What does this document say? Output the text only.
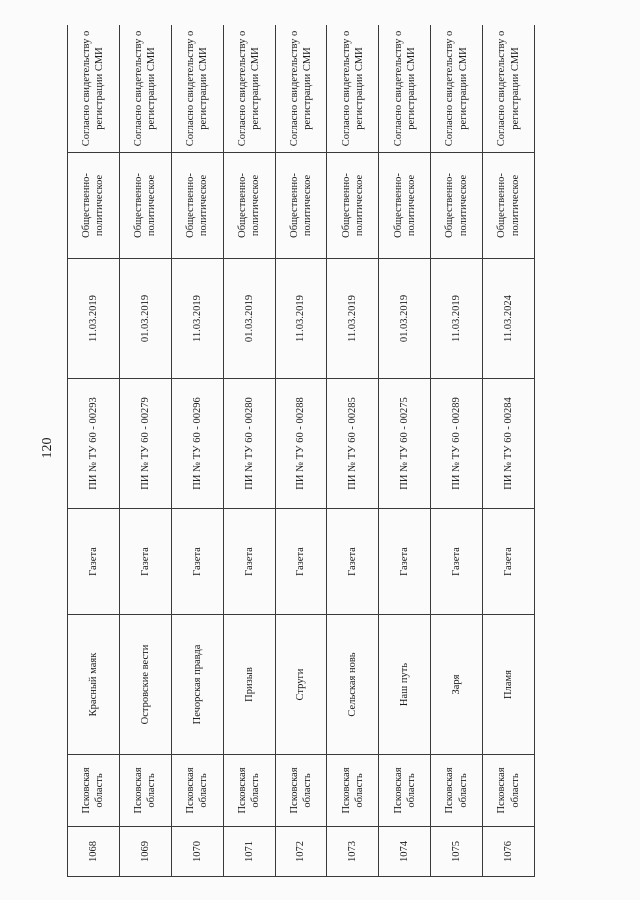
120
1068	Псковская область	Красный маяк	Газета	ПИ № ТУ 60 - 00293	11.03.2019	Общественно-политическое	Согласно свидетельству о регистрации СМИ
1069	Псковская область	Островские вести	Газета	ПИ № ТУ 60 - 00279	01.03.2019	Общественно-политическое	Согласно свидетельству о регистрации СМИ
1070	Псковская область	Печорская правда	Газета	ПИ № ТУ 60 - 00296	11.03.2019	Общественно-политическое	Согласно свидетельству о регистрации СМИ
1071	Псковская область	Призыв	Газета	ПИ № ТУ 60 - 00280	01.03.2019	Общественно-политическое	Согласно свидетельству о регистрации СМИ
1072	Псковская область	Струги	Газета	ПИ № ТУ 60 - 00288	11.03.2019	Общественно-политическое	Согласно свидетельству о регистрации СМИ
1073	Псковская область	Сельская новь	Газета	ПИ № ТУ 60 - 00285	11.03.2019	Общественно-политическое	Согласно свидетельству о регистрации СМИ
1074	Псковская область	Наш путь	Газета	ПИ № ТУ 60 - 00275	01.03.2019	Общественно-политическое	Согласно свидетельству о регистрации СМИ
1075	Псковская область	Заря	Газета	ПИ № ТУ 60 - 00289	11.03.2019	Общественно-политическое	Согласно свидетельству о регистрации СМИ
1076	Псковская область	Пламя	Газета	ПИ № ТУ 60 - 00284	11.03.2024	Общественно-политическое	Согласно свидетельству о регистрации СМИ
